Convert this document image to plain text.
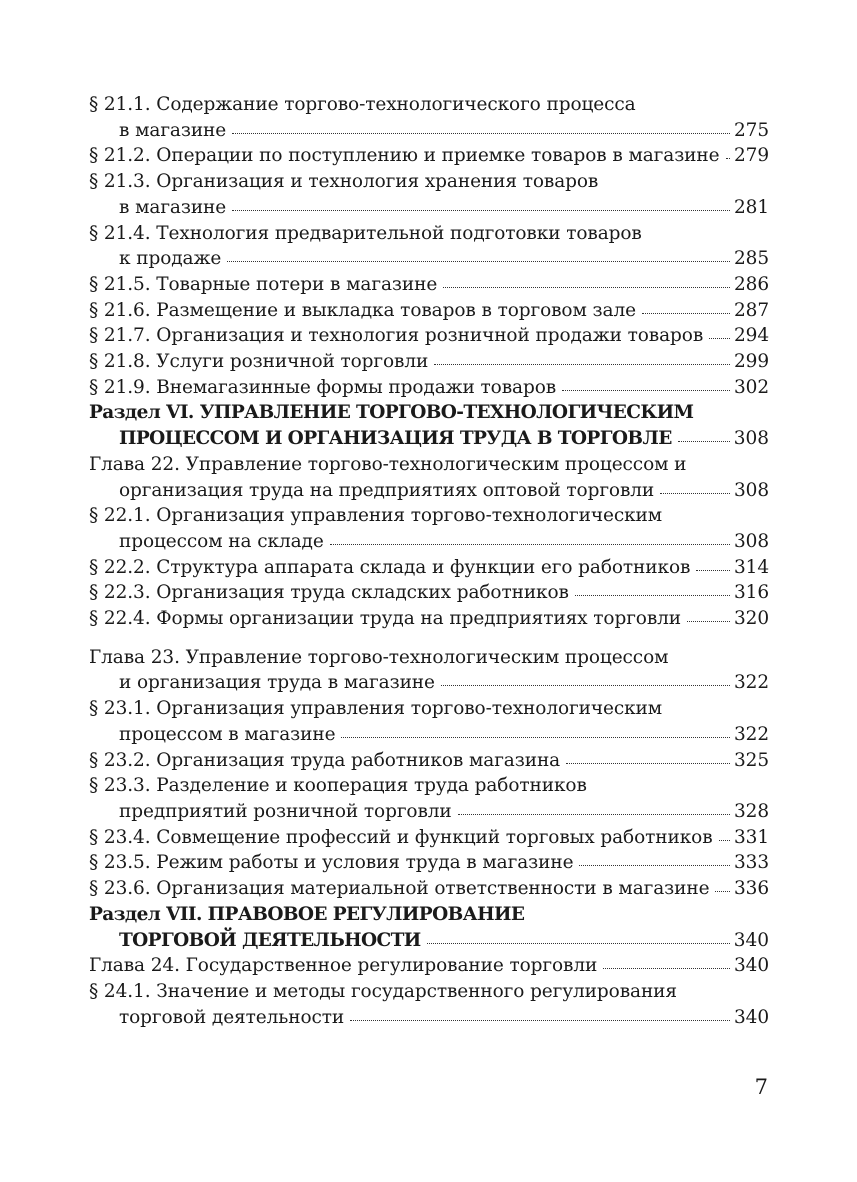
§ 21.1. Содержание торгово-технологического процесса
в магазине	275
§ 21.2. Операции по поступлению и приемке товаров в магазине 279
§ 21.3. Организация и технология хранения товаров
в магазине	281
§ 21.4. Технология предварительной подготовки товаров
к продаже	285
§ 21.5. Товарные потери в магазине	286
§ 21.6. Размещение и выкладка товаров в торговом зале	287
§ 21.7. Организация и технология розничной продажи товаров 294
§ 21.8. Услуги розничной торговли	299
§ 21.9. Внемагазинные формы продажи товаров	302
Раздел VI. УПРАВЛЕНИЕ ТОРГОВО-ТЕХНОЛОГИЧЕСКИМ
ПРОЦЕССОМ И ОРГАНИЗАЦИЯ ТРУДА В ТОРГОВЛЕ	308
Глава 22. Управление торгово-технологическим процессом и
организация труда на предприятиях оптовой торговли	308
§ 22.1. Организация управления торгово-технологическим
процессом на складе	308
§ 22.2. Структура аппарата склада и функции его работников 314
§ 22.3. Организация труда складских работников	316
§ 22.4. Формы организации труда на предприятиях торговли	320
Глава 23. Управление торгово-технологическим процессом
и организация труда в магазине	322
§ 23.1. Организация управления торгово-технологическим
процессом в магазине	322
§ 23.2. Организация труда работников магазина	325
§ 23.3. Разделение и кооперация труда работников
предприятий розничной торговли	328
§ 23.4. Совмещение профессий и функций торговых работников 331
§ 23.5. Режим работы и условия труда в магазине	333
§ 23.6. Организация материальной ответственности в магазине 336
Раздел VII. ПРАВОВОЕ РЕГУЛИРОВАНИЕ
ТОРГОВОЙ ДЕЯТЕЛЬНОСТИ	340
Глава 24. Государственное регулирование торговли	340
§ 24.1. Значение и методы государственного регулирования
торговой деятельности	340
7
